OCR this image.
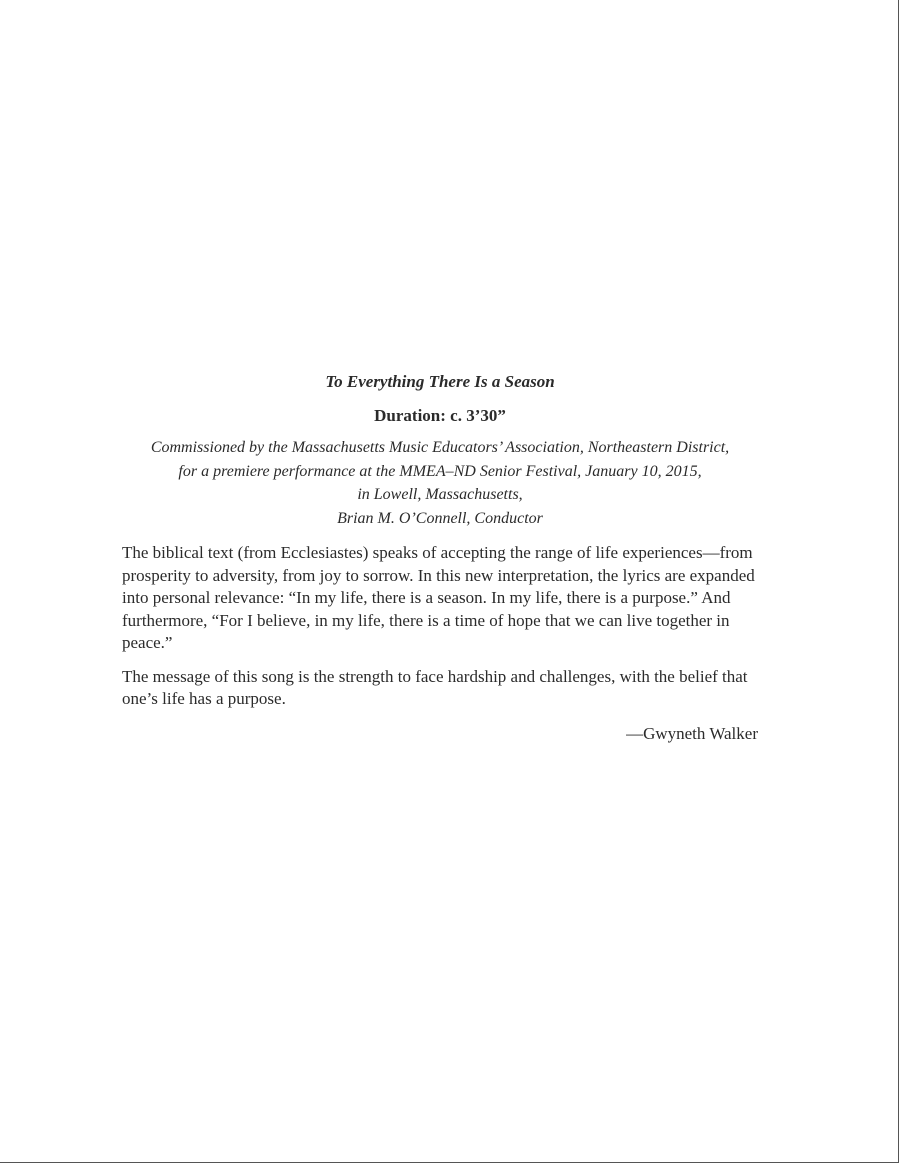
To Everything There Is a Season
Duration: c. 3’30”
Commissioned by the Massachusetts Music Educators’ Association, Northeastern District,
for a premiere performance at the MMEA–ND Senior Festival, January 10, 2015,
in Lowell, Massachusetts,
Brian M. O’Connell, Conductor

The biblical text (from Ecclesiastes) speaks of accepting the range of life experiences—from prosperity to adversity, from joy to sorrow. In this new interpretation, the lyrics are expanded into personal relevance: “In my life, there is a season. In my life, there is a purpose.” And furthermore, “For I believe, in my life, there is a time of hope that we can live together in peace.”

The message of this song is the strength to face hardship and challenges, with the belief that one’s life has a purpose.

—Gwyneth Walker
